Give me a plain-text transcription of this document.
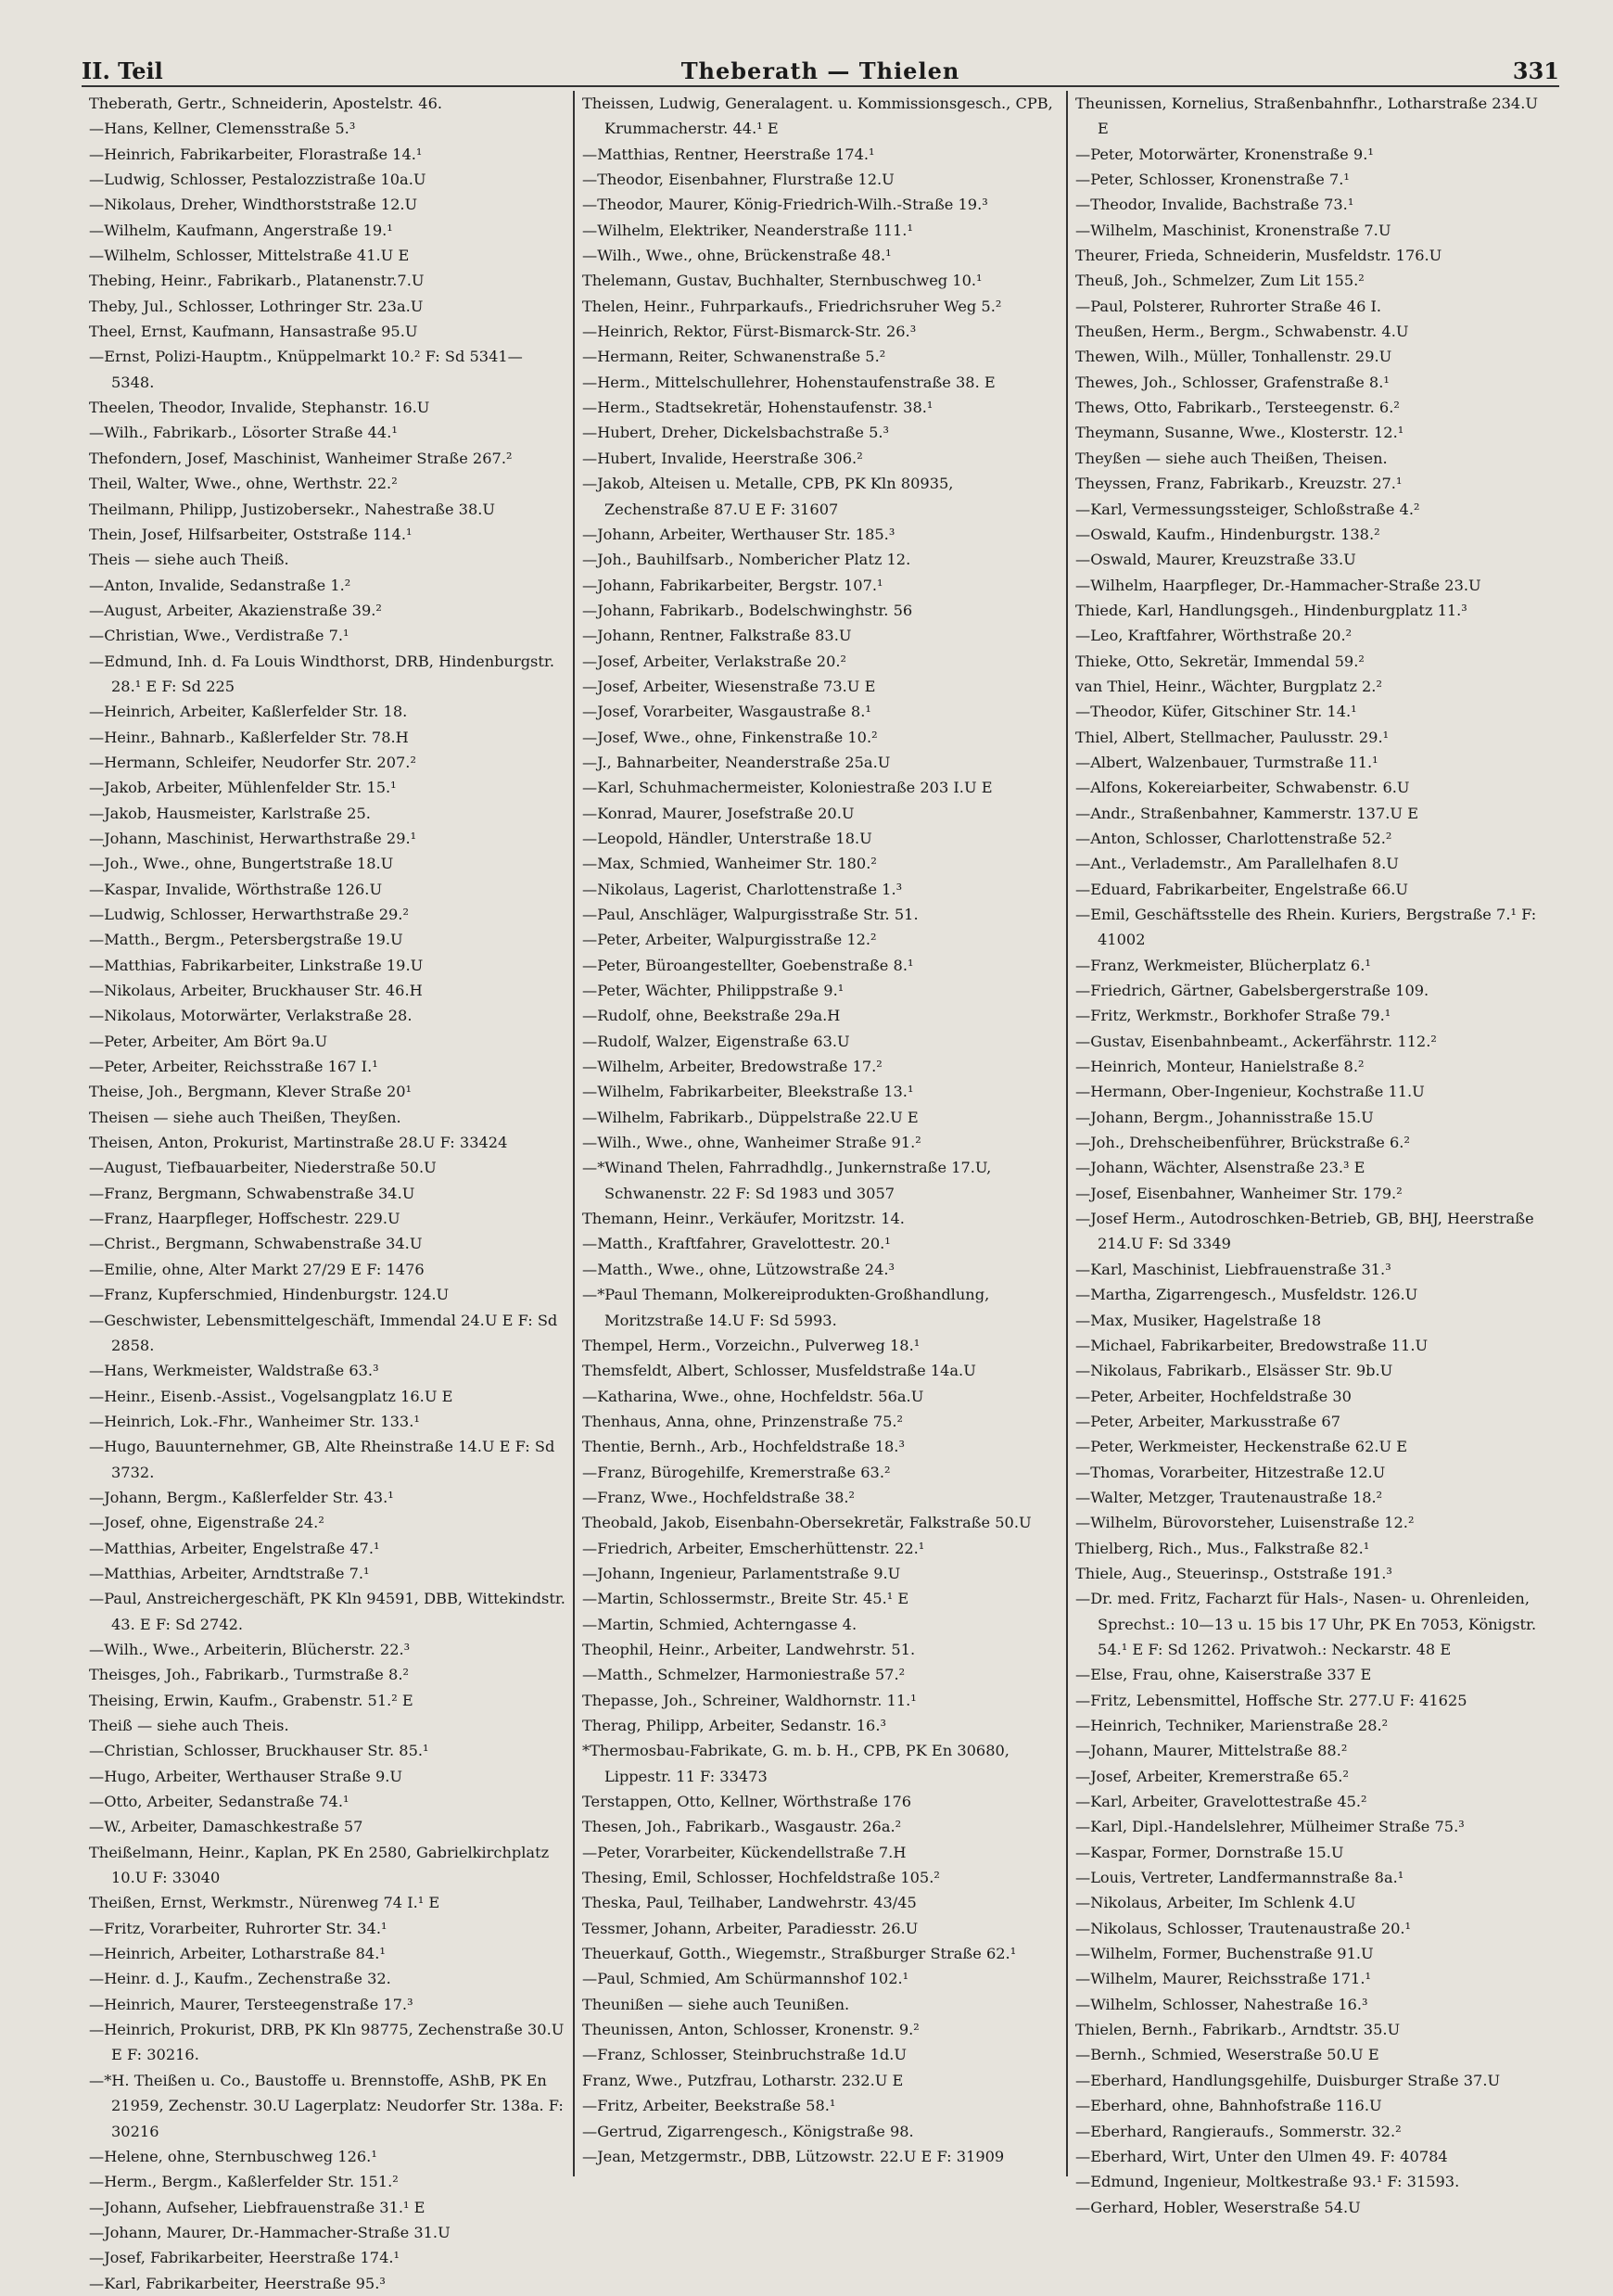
II. Teil	Theberath — Thielen	331

Theberath, Gertr., Schneiderin, Apostelstr. 46.

—Hans, Kellner, Clemensstraße 5.³

—Heinrich, Fabrikarbeiter, Florastraße 14.¹

—Ludwig, Schlosser, Pestalozzistraße 10a.U

—Nikolaus, Dreher, Windthorststraße 12.U

—Wilhelm, Kaufmann, Angerstraße 19.¹

—Wilhelm, Schlosser, Mittelstraße 41.U E

Thebing, Heinr., Fabrikarb., Platanenstr.7.U

Theby, Jul., Schlosser, Lothringer Str. 23a.U

Theel, Ernst, Kaufmann, Hansastraße 95.U

—Ernst, Polizi-Hauptm., Knüppelmarkt 10.² F: Sd 5341—5348.

Theelen, Theodor, Invalide, Stephanstr. 16.U

—Wilh., Fabrikarb., Lösorter Straße 44.¹

Thefondern, Josef, Maschinist, Wanheimer Straße 267.²

Theil, Walter, Wwe., ohne, Werthstr. 22.²

Theilmann, Philipp, Justizobersekr., Nahestraße 38.U

Thein, Josef, Hilfsarbeiter, Oststraße 114.¹

Theis — siehe auch Theiß.

—Anton, Invalide, Sedanstraße 1.²

—August, Arbeiter, Akazienstraße 39.²

—Christian, Wwe., Verdistraße 7.¹

—Edmund, Inh. d. Fa Louis Windthorst, DRB, Hindenburgstr. 28.¹ E F: Sd 225

—Heinrich, Arbeiter, Kaßlerfelder Str. 18.

—Heinr., Bahnarb., Kaßlerfelder Str. 78.H

—Hermann, Schleifer, Neudorfer Str. 207.²

—Jakob, Arbeiter, Mühlenfelder Str. 15.¹

—Jakob, Hausmeister, Karlstraße 25.

—Johann, Maschinist, Herwarthstraße 29.¹

—Joh., Wwe., ohne, Bungertstraße 18.U

—Kaspar, Invalide, Wörthstraße 126.U

—Ludwig, Schlosser, Herwarthstraße 29.²

—Matth., Bergm., Petersbergstraße 19.U

—Matthias, Fabrikarbeiter, Linkstraße 19.U

—Nikolaus, Arbeiter, Bruckhauser Str. 46.H

—Nikolaus, Motorwärter, Verlakstraße 28.

—Peter, Arbeiter, Am Bört 9a.U

—Peter, Arbeiter, Reichsstraße 167 I.¹

Theise, Joh., Bergmann, Klever Straße 20¹

Theisen — siehe auch Theißen, Theyßen.

Theisen, Anton, Prokurist, Martinstraße 28.U F: 33424

—August, Tiefbauarbeiter, Niederstraße 50.U

—Franz, Bergmann, Schwabenstraße 34.U

—Franz, Haarpfleger, Hoffschestr. 229.U

—Christ., Bergmann, Schwabenstraße 34.U

—Emilie, ohne, Alter Markt 27/29 E F: 1476

—Franz, Kupferschmied, Hindenburgstr. 124.U

—Geschwister, Lebensmittelgeschäft, Immendal 24.U E F: Sd 2858.

—Hans, Werkmeister, Waldstraße 63.³

—Heinr., Eisenb.-Assist., Vogelsangplatz 16.U E

—Heinrich, Lok.-Fhr., Wanheimer Str. 133.¹

—Hugo, Bauunternehmer, GB, Alte Rheinstraße 14.U E F: Sd 3732.

—Johann, Bergm., Kaßlerfelder Str. 43.¹

—Josef, ohne, Eigenstraße 24.²

—Matthias, Arbeiter, Engelstraße 47.¹

—Matthias, Arbeiter, Arndtstraße 7.¹

—Paul, Anstreichergeschäft, PK Kln 94591, DBB, Wittekindstr. 43. E F: Sd 2742.

—Wilh., Wwe., Arbeiterin, Blücherstr. 22.³

Theisges, Joh., Fabrikarb., Turmstraße 8.²

Theising, Erwin, Kaufm., Grabenstr. 51.² E

Theiß — siehe auch Theis.

—Christian, Schlosser, Bruckhauser Str. 85.¹

—Hugo, Arbeiter, Werthauser Straße 9.U

—Otto, Arbeiter, Sedanstraße 74.¹

—W., Arbeiter, Damaschkestraße 57

Theißelmann, Heinr., Kaplan, PK En 2580, Gabrielkirchplatz 10.U F: 33040

Theißen, Ernst, Werkmstr., Nürenweg 74 I.¹ E

—Fritz, Vorarbeiter, Ruhrorter Str. 34.¹

—Heinrich, Arbeiter, Lotharstraße 84.¹

—Heinr. d. J., Kaufm., Zechenstraße 32.

—Heinrich, Maurer, Tersteegenstraße 17.³

—Heinrich, Prokurist, DRB, PK Kln 98775, Zechenstraße 30.U E F: 30216.

—*H. Theißen u. Co., Baustoffe u. Brennstoffe, AShB, PK En 21959, Zechenstr. 30.U Lagerplatz: Neudorfer Str. 138a. F: 30216

—Helene, ohne, Sternbuschweg 126.¹

—Herm., Bergm., Kaßlerfelder Str. 151.²

—Johann, Aufseher, Liebfrauenstraße 31.¹ E

—Johann, Maurer, Dr.-Hammacher-Straße 31.U

—Josef, Fabrikarbeiter, Heerstraße 174.¹

—Karl, Fabrikarbeiter, Heerstraße 95.³

Theissen, Ludwig, Generalagent. u. Kommissionsgesch., CPB, Krummacherstr. 44.¹ E

—Matthias, Rentner, Heerstraße 174.¹

—Theodor, Eisenbahner, Flurstraße 12.U

—Theodor, Maurer, König-Friedrich-Wilh.-Straße 19.³

—Wilhelm, Elektriker, Neanderstraße 111.¹

—Wilh., Wwe., ohne, Brückenstraße 48.¹

Thelemann, Gustav, Buchhalter, Sternbuschweg 10.¹

Thelen, Heinr., Fuhrparkaufs., Friedrichsruher Weg 5.²

—Heinrich, Rektor, Fürst-Bismarck-Str. 26.³

—Hermann, Reiter, Schwanenstraße 5.²

—Herm., Mittelschullehrer, Hohenstaufenstraße 38. E

—Herm., Stadtsekretär, Hohenstaufenstr. 38.¹

—Hubert, Dreher, Dickelsbachstraße 5.³

—Hubert, Invalide, Heerstraße 306.²

—Jakob, Alteisen u. Metalle, CPB, PK Kln 80935, Zechenstraße 87.U E F: 31607

—Johann, Arbeiter, Werthauser Str. 185.³

—Joh., Bauhilfsarb., Nombericher Platz 12.

—Johann, Fabrikarbeiter, Bergstr. 107.¹

—Johann, Fabrikarb., Bodelschwinghstr. 56

—Johann, Rentner, Falkstraße 83.U

—Josef, Arbeiter, Verlakstraße 20.²

—Josef, Arbeiter, Wiesenstraße 73.U E

—Josef, Vorarbeiter, Wasgaustraße 8.¹

—Josef, Wwe., ohne, Finkenstraße 10.²

—J., Bahnarbeiter, Neanderstraße 25a.U

—Karl, Schuhmachermeister, Koloniestraße 203 I.U E

—Konrad, Maurer, Josefstraße 20.U

—Leopold, Händler, Unterstraße 18.U

—Max, Schmied, Wanheimer Str. 180.²

—Nikolaus, Lagerist, Charlottenstraße 1.³

—Paul, Anschläger, Walpurgisstraße Str. 51.

—Peter, Arbeiter, Walpurgisstraße 12.²

—Peter, Büroangestellter, Goebenstraße 8.¹

—Peter, Wächter, Philippstraße 9.¹

—Rudolf, ohne, Beekstraße 29a.H

—Rudolf, Walzer, Eigenstraße 63.U

—Wilhelm, Arbeiter, Bredowstraße 17.²

—Wilhelm, Fabrikarbeiter, Bleekstraße 13.¹

—Wilhelm, Fabrikarb., Düppelstraße 22.U E

—Wilh., Wwe., ohne, Wanheimer Straße 91.²

—*Winand Thelen, Fahrradhdlg., Junkernstraße 17.U, Schwanenstr. 22 F: Sd 1983 und 3057

Themann, Heinr., Verkäufer, Moritzstr. 14.

—Matth., Kraftfahrer, Gravelottestr. 20.¹

—Matth., Wwe., ohne, Lützowstraße 24.³

—*Paul Themann, Molkereiprodukten-Großhandlung, Moritzstraße 14.U F: Sd 5993.

Thempel, Herm., Vorzeichn., Pulverweg 18.¹

Themsfeldt, Albert, Schlosser, Musfeldstraße 14a.U

—Katharina, Wwe., ohne, Hochfeldstr. 56a.U

Thenhaus, Anna, ohne, Prinzenstraße 75.²

Thentie, Bernh., Arb., Hochfeldstraße 18.³

—Franz, Bürogehilfe, Kremerstraße 63.²

—Franz, Wwe., Hochfeldstraße 38.²

Theobald, Jakob, Eisenbahn-Obersekretär, Falkstraße 50.U

—Friedrich, Arbeiter, Emscherhüttenstr. 22.¹

—Johann, Ingenieur, Parlamentstraße 9.U

—Martin, Schlossermstr., Breite Str. 45.¹ E

—Martin, Schmied, Achterngasse 4.

Theophil, Heinr., Arbeiter, Landwehrstr. 51.

—Matth., Schmelzer, Harmoniestraße 57.²

Thepasse, Joh., Schreiner, Waldhornstr. 11.¹

Therag, Philipp, Arbeiter, Sedanstr. 16.³

*Thermosbau-Fabrikate, G. m. b. H., CPB, PK En 30680, Lippestr. 11 F: 33473

Terstappen, Otto, Kellner, Wörthstraße 176

Thesen, Joh., Fabrikarb., Wasgaustr. 26a.²

—Peter, Vorarbeiter, Kückendellstraße 7.H

Thesing, Emil, Schlosser, Hochfeldstraße 105.²

Theska, Paul, Teilhaber, Landwehrstr. 43/45

Tessmer, Johann, Arbeiter, Paradiesstr. 26.U

Theuerkauf, Gotth., Wiegemstr., Straßburger Straße 62.¹

—Paul, Schmied, Am Schürmannshof 102.¹

Theunißen — siehe auch Teunißen.

Theunissen, Anton, Schlosser, Kronenstr. 9.²

—Franz, Schlosser, Steinbruchstraße 1d.U

Franz, Wwe., Putzfrau, Lotharstr. 232.U E

—Fritz, Arbeiter, Beekstraße 58.¹

—Gertrud, Zigarrengesch., Königstraße 98.

—Jean, Metzgermstr., DBB, Lützowstr. 22.U E F: 31909

Theunissen, Kornelius, Straßenbahnfhr., Lotharstraße 234.U E

—Peter, Motorwärter, Kronenstraße 9.¹

—Peter, Schlosser, Kronenstraße 7.¹

—Theodor, Invalide, Bachstraße 73.¹

—Wilhelm, Maschinist, Kronenstraße 7.U

Theurer, Frieda, Schneiderin, Musfeldstr. 176.U

Theuß, Joh., Schmelzer, Zum Lit 155.²

—Paul, Polsterer, Ruhrorter Straße 46 I.

Theußen, Herm., Bergm., Schwabenstr. 4.U

Thewen, Wilh., Müller, Tonhallenstr. 29.U

Thewes, Joh., Schlosser, Grafenstraße 8.¹

Thews, Otto, Fabrikarb., Tersteegenstr. 6.²

Theymann, Susanne, Wwe., Klosterstr. 12.¹

Theyßen — siehe auch Theißen, Theisen.

Theyssen, Franz, Fabrikarb., Kreuzstr. 27.¹

—Karl, Vermessungssteiger, Schloßstraße 4.²

—Oswald, Kaufm., Hindenburgstr. 138.²

—Oswald, Maurer, Kreuzstraße 33.U

—Wilhelm, Haarpfleger, Dr.-Hammacher-Straße 23.U

Thiede, Karl, Handlungsgeh., Hindenburgplatz 11.³

—Leo, Kraftfahrer, Wörthstraße 20.²

Thieke, Otto, Sekretär, Immendal 59.²

van Thiel, Heinr., Wächter, Burgplatz 2.²

—Theodor, Küfer, Gitschiner Str. 14.¹

Thiel, Albert, Stellmacher, Paulusstr. 29.¹

—Albert, Walzenbauer, Turmstraße 11.¹

—Alfons, Kokereiarbeiter, Schwabenstr. 6.U

—Andr., Straßenbahner, Kammerstr. 137.U E

—Anton, Schlosser, Charlottenstraße 52.²

—Ant., Verlademstr., Am Parallelhafen 8.U

—Eduard, Fabrikarbeiter, Engelstraße 66.U

—Emil, Geschäftsstelle des Rhein. Kuriers, Bergstraße 7.¹ F: 41002

—Franz, Werkmeister, Blücherplatz 6.¹

—Friedrich, Gärtner, Gabelsbergerstraße 109.

—Fritz, Werkmstr., Borkhofer Straße 79.¹

—Gustav, Eisenbahnbeamt., Ackerfährstr. 112.²

—Heinrich, Monteur, Hanielstraße 8.²

—Hermann, Ober-Ingenieur, Kochstraße 11.U

—Johann, Bergm., Johannisstraße 15.U

—Joh., Drehscheibenführer, Brückstraße 6.²

—Johann, Wächter, Alsenstraße 23.³ E

—Josef, Eisenbahner, Wanheimer Str. 179.²

—Josef Herm., Autodroschken-Betrieb, GB, BHJ, Heerstraße 214.U F: Sd 3349

—Karl, Maschinist, Liebfrauenstraße 31.³

—Martha, Zigarrengesch., Musfeldstr. 126.U

—Max, Musiker, Hagelstraße 18

—Michael, Fabrikarbeiter, Bredowstraße 11.U

—Nikolaus, Fabrikarb., Elsässer Str. 9b.U

—Peter, Arbeiter, Hochfeldstraße 30

—Peter, Arbeiter, Markusstraße 67

—Peter, Werkmeister, Heckenstraße 62.U E

—Thomas, Vorarbeiter, Hitzestraße 12.U

—Walter, Metzger, Trautenaustraße 18.²

—Wilhelm, Bürovorsteher, Luisenstraße 12.²

Thielberg, Rich., Mus., Falkstraße 82.¹

Thiele, Aug., Steuerinsp., Oststraße 191.³

—Dr. med. Fritz, Facharzt für Hals-, Nasen- u. Ohrenleiden, Sprechst.: 10—13 u. 15 bis 17 Uhr, PK En 7053, Königstr. 54.¹ E F: Sd 1262. Privatwoh.: Neckarstr. 48 E

—Else, Frau, ohne, Kaiserstraße 337 E

—Fritz, Lebensmittel, Hoffsche Str. 277.U F: 41625

—Heinrich, Techniker, Marienstraße 28.²

—Johann, Maurer, Mittelstraße 88.²

—Josef, Arbeiter, Kremerstraße 65.²

—Karl, Arbeiter, Gravelottestraße 45.²

—Karl, Dipl.-Handelslehrer, Mülheimer Straße 75.³

—Kaspar, Former, Dornstraße 15.U

—Louis, Vertreter, Landfermannstraße 8a.¹

—Nikolaus, Arbeiter, Im Schlenk 4.U

—Nikolaus, Schlosser, Trautenaustraße 20.¹

—Wilhelm, Former, Buchenstraße 91.U

—Wilhelm, Maurer, Reichsstraße 171.¹

—Wilhelm, Schlosser, Nahestraße 16.³

Thielen, Bernh., Fabrikarb., Arndtstr. 35.U

—Bernh., Schmied, Weserstraße 50.U E

—Eberhard, Handlungsgehilfe, Duisburger Straße 37.U

—Eberhard, ohne, Bahnhofstraße 116.U

—Eberhard, Rangieraufs., Sommerstr. 32.²

—Eberhard, Wirt, Unter den Ulmen 49. F: 40784

—Edmund, Ingenieur, Moltkestraße 93.¹ F: 31593.

—Gerhard, Hobler, Weserstraße 54.U
